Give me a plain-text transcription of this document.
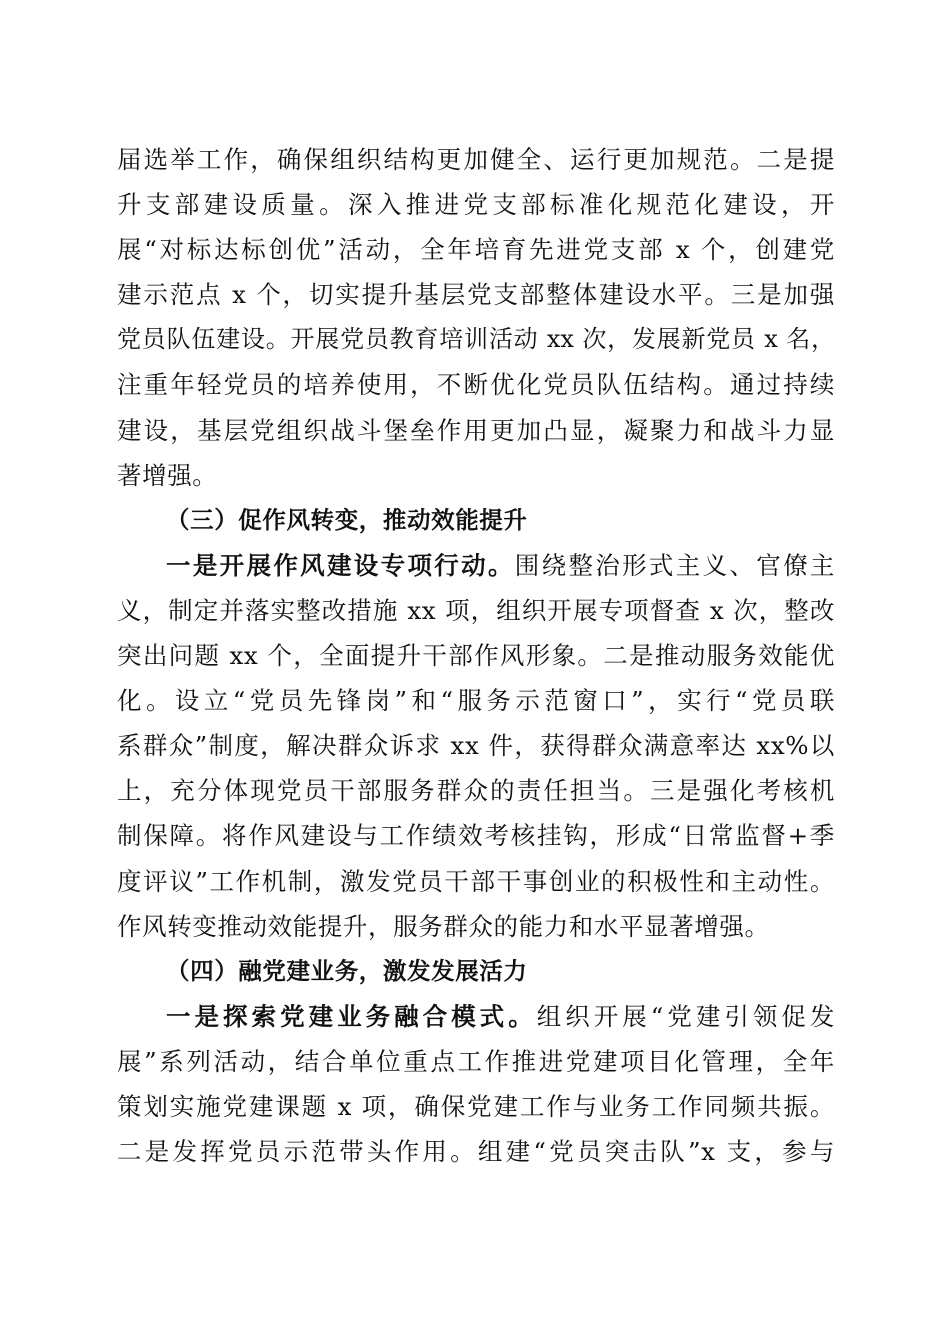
届选举工作，确保组织结构更加健全、运行更加规范。二是提
升支部建设质量。深入推进党支部标准化规范化建设，开
展“对标达标创优”活动，全年培育先进党支部 x 个，创建党
建示范点 x 个，切实提升基层党支部整体建设水平。三是加强
党员队伍建设。开展党员教育培训活动 xx 次，发展新党员 x 名，
注重年轻党员的培养使用，不断优化党员队伍结构。通过持续
建设，基层党组织战斗堡垒作用更加凸显，凝聚力和战斗力显
著增强。
（三）促作风转变，推动效能提升
一是开展作风建设专项行动。围绕整治形式主义、官僚主
义，制定并落实整改措施 xx 项，组织开展专项督查 x 次，整改
突出问题 xx 个，全面提升干部作风形象。二是推动服务效能优
化。设立“党员先锋岗”和“服务示范窗口”，实行“党员联
系群众”制度，解决群众诉求 xx 件，获得群众满意率达 xx%以
上，充分体现党员干部服务群众的责任担当。三是强化考核机
制保障。将作风建设与工作绩效考核挂钩，形成“日常监督+季
度评议”工作机制，激发党员干部干事创业的积极性和主动性。
作风转变推动效能提升，服务群众的能力和水平显著增强。
（四）融党建业务，激发发展活力
一是探索党建业务融合模式。组织开展“党建引领促发
展”系列活动，结合单位重点工作推进党建项目化管理，全年
策划实施党建课题 x 项，确保党建工作与业务工作同频共振。
二是发挥党员示范带头作用。组建“党员突击队”x 支，参与
